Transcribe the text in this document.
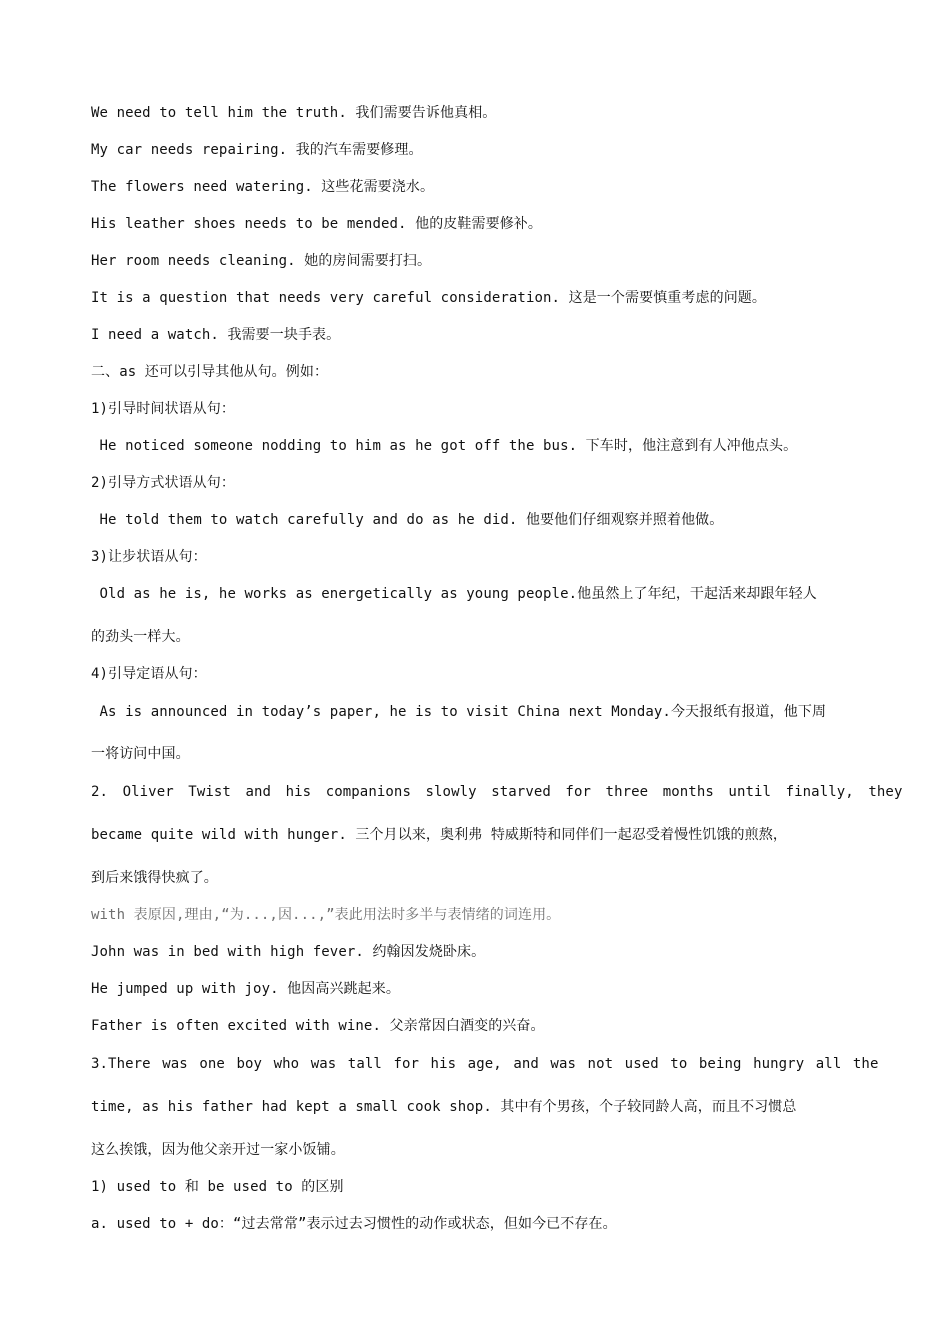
We need to tell him the truth. 我们需要告诉他真相。
My car needs repairing. 我的汽车需要修理。
The flowers need watering. 这些花需要浇水。
His leather shoes needs to be mended. 他的皮鞋需要修补。
Her room needs cleaning. 她的房间需要打扫。
It is a question that needs very careful consideration. 这是一个需要慎重考虑的问题。
I need a watch. 我需要一块手表。
二、as 还可以引导其他从句。例如：
1)引导时间状语从句：
He noticed someone nodding to him as he got off the bus. 下车时，他注意到有人冲他点头。
2)引导方式状语从句：
He told them to watch carefully and do as he did. 他要他们仔细观察并照着他做。
3)让步状语从句：
Old as he is, he works as energetically as young people.他虽然上了年纪，干起活来却跟年轻人
的劲头一样大。
4)引导定语从句：
As is announced in today’s paper, he is to visit China next Monday.今天报纸有报道，他下周
一将访问中国。
2. Oliver Twist and his companions slowly starved for three months until finally, they
became quite wild with hunger. 三个月以来，奥利弗 特威斯特和同伴们一起忍受着慢性饥饿的煎熬，
到后来饿得快疯了。
with 表原因,理由,“为...,因...,”表此用法时多半与表情绪的词连用。
John was in bed with high fever. 约翰因发烧卧床。
He jumped up with joy. 他因高兴跳起来。
Father is often excited with wine. 父亲常因白酒变的兴奋。
3.There was one boy who was tall for his age, and was not used to being hungry all the
time, as his father had kept a small cook shop. 其中有个男孩，个子较同龄人高，而且不习惯总
这么挨饿，因为他父亲开过一家小饭铺。
1) used to 和 be used to 的区别
a. used to + do：“过去常常”表示过去习惯性的动作或状态，但如今已不存在。
